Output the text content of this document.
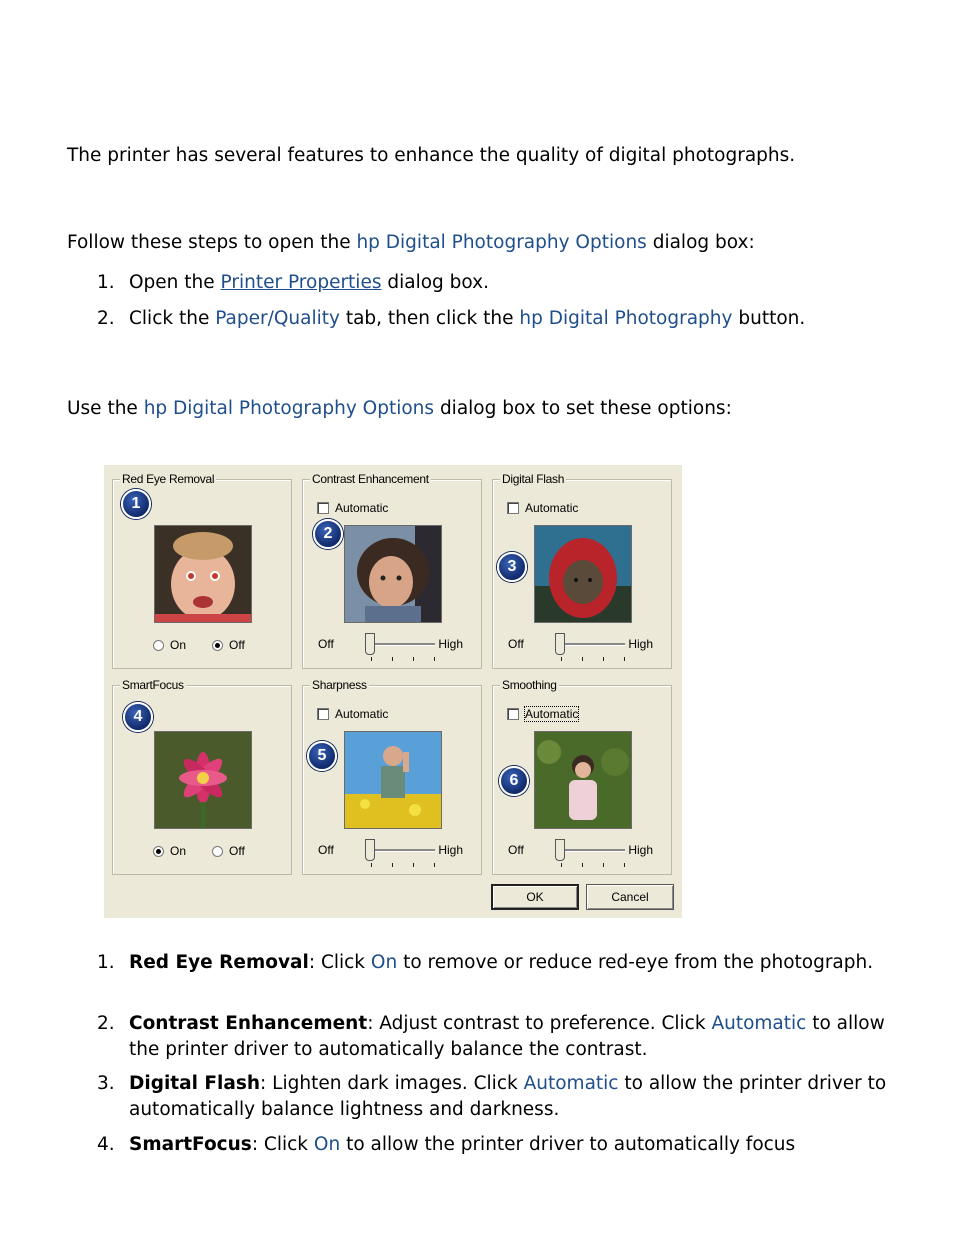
The printer has several features to enhance the quality of digital photographs.

Follow these steps to open the hp Digital Photography Options dialog box:

1. Open the Printer Properties dialog box.
2. Click the Paper/Quality tab, then click the hp Digital Photography button.

Use the hp Digital Photography Options dialog box to set these options:

Red Eye Removal
1
On	Off
Contrast Enhancement
Automatic
2
Off	High
Digital Flash
Automatic
3
Off	High
SmartFocus
4
On	Off
Sharpness
Automatic
5
Off	High
Smoothing
Automatic
6
Off	High
OK	Cancel
1. Red Eye Removal: Click On to remove or reduce red-eye from the photograph.
2. Contrast Enhancement: Adjust contrast to preference. Click Automatic to allow the printer driver to automatically balance the contrast.
3. Digital Flash: Lighten dark images. Click Automatic to allow the printer driver to automatically balance lightness and darkness.
4. SmartFocus: Click On to allow the printer driver to automatically focus
